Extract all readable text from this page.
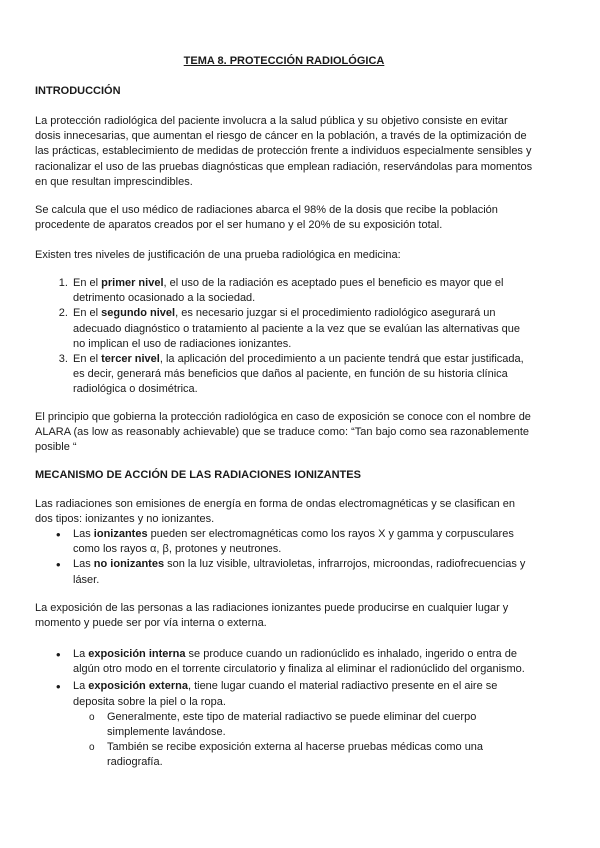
TEMA 8. PROTECCIÓN RADIOLÓGICA
INTRODUCCIÓN

La protección radiológica del paciente involucra a la salud pública y su objetivo consiste en evitar dosis innecesarias, que aumentan el riesgo de cáncer en la población, a través de la optimización de las prácticas, establecimiento de medidas de protección frente a individuos especialmente sensibles y racionalizar el uso de las pruebas diagnósticas que emplean radiación, reservándolas para momentos en que resultan imprescindibles.

Se calcula que el uso médico de radiaciones abarca el 98% de la dosis que recibe la población procedente de aparatos creados por el ser humano y el 20% de su exposición total.

Existen tres niveles de justificación de una prueba radiológica en medicina:

1. En el primer nivel, el uso de la radiación es aceptado pues el beneficio es mayor que el detrimento ocasionado a la sociedad.
2. En el segundo nivel, es necesario juzgar si el procedimiento radiológico asegurará un adecuado diagnóstico o tratamiento al paciente a la vez que se evalúan las alternativas que no implican el uso de radiaciones ionizantes.
3. En el tercer nivel, la aplicación del procedimiento a un paciente tendrá que estar justificada, es decir, generará más beneficios que daños al paciente, en función de su historia clínica radiológica o dosimétrica.

El principio que gobierna la protección radiológica en caso de exposición se conoce con el nombre de ALARA (as low as reasonably achievable) que se traduce como: “Tan bajo como sea razonablemente posible “

MECANISMO DE ACCIÓN DE LAS RADIACIONES IONIZANTES

Las radiaciones son emisiones de energía en forma de ondas electromagnéticas y se clasifican en dos tipos: ionizantes y no ionizantes.

• Las ionizantes pueden ser electromagnéticas como los rayos X y gamma y corpusculares como los rayos α, β, protones y neutrones.
• Las no ionizantes son la luz visible, ultravioletas, infrarrojos, microondas, radiofrecuencias y láser.

La exposición de las personas a las radiaciones ionizantes puede producirse en cualquier lugar y momento y puede ser por vía interna o externa.

• La exposición interna se produce cuando un radionúclido es inhalado, ingerido o entra de algún otro modo en el torrente circulatorio y finaliza al eliminar el radionúclido del organismo.
• La exposición externa, tiene lugar cuando el material radiactivo presente en el aire se deposita sobre la piel o la ropa.
o Generalmente, este tipo de material radiactivo se puede eliminar del cuerpo simplemente lavándose.
o También se recibe exposición externa al hacerse pruebas médicas como una radiografía.
